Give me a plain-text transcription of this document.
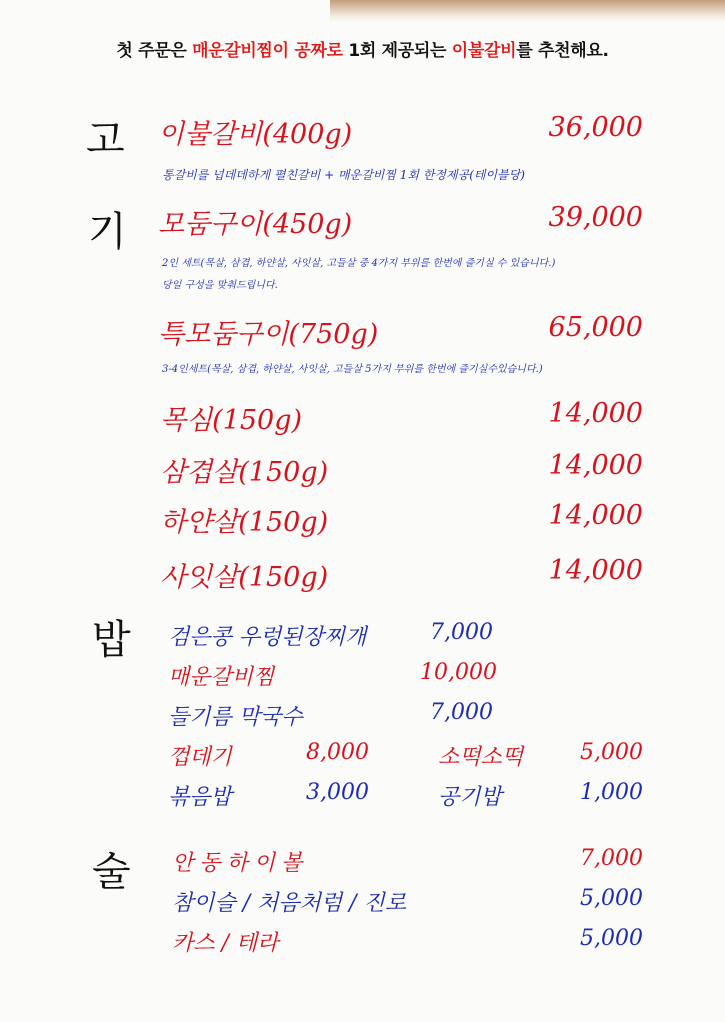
첫 주문은 매운갈비찜이 공짜로 1회 제공되는 이불갈비를 추천해요.
고
기
밥
술
이불갈비(400g)	36,000
통갈비를 넙데데하게 펼친갈비 + 매운갈비찜 1회 한정제공(테이블당)
모둠구이(450g)	39,000
2인 세트(목살, 삼겹, 하얀살, 사잇살, 고들살 중 4가지 부위를 한번에 즐기실 수 있습니다.)
당일 구성을 맞춰드립니다.
특모둠구이(750g)	65,000
3-4인세트(목살, 삼겹, 하얀살, 사잇살, 고들살 5가지 부위를 한번에 즐기실수있습니다.)
목심(150g)	14,000
삼겹살(150g)	14,000
하얀살(150g)	14,000
사잇살(150g)	14,000
검은콩 우렁된장찌개	7,000
매운갈비찜	10,000
들기름 막국수	7,000
껍데기	8,000	소떡소떡	5,000
볶음밥	3,000	공기밥	1,000
안동하이볼	7,000
참이슬 / 처음처럼 / 진로	5,000
카스 / 테라	5,000
